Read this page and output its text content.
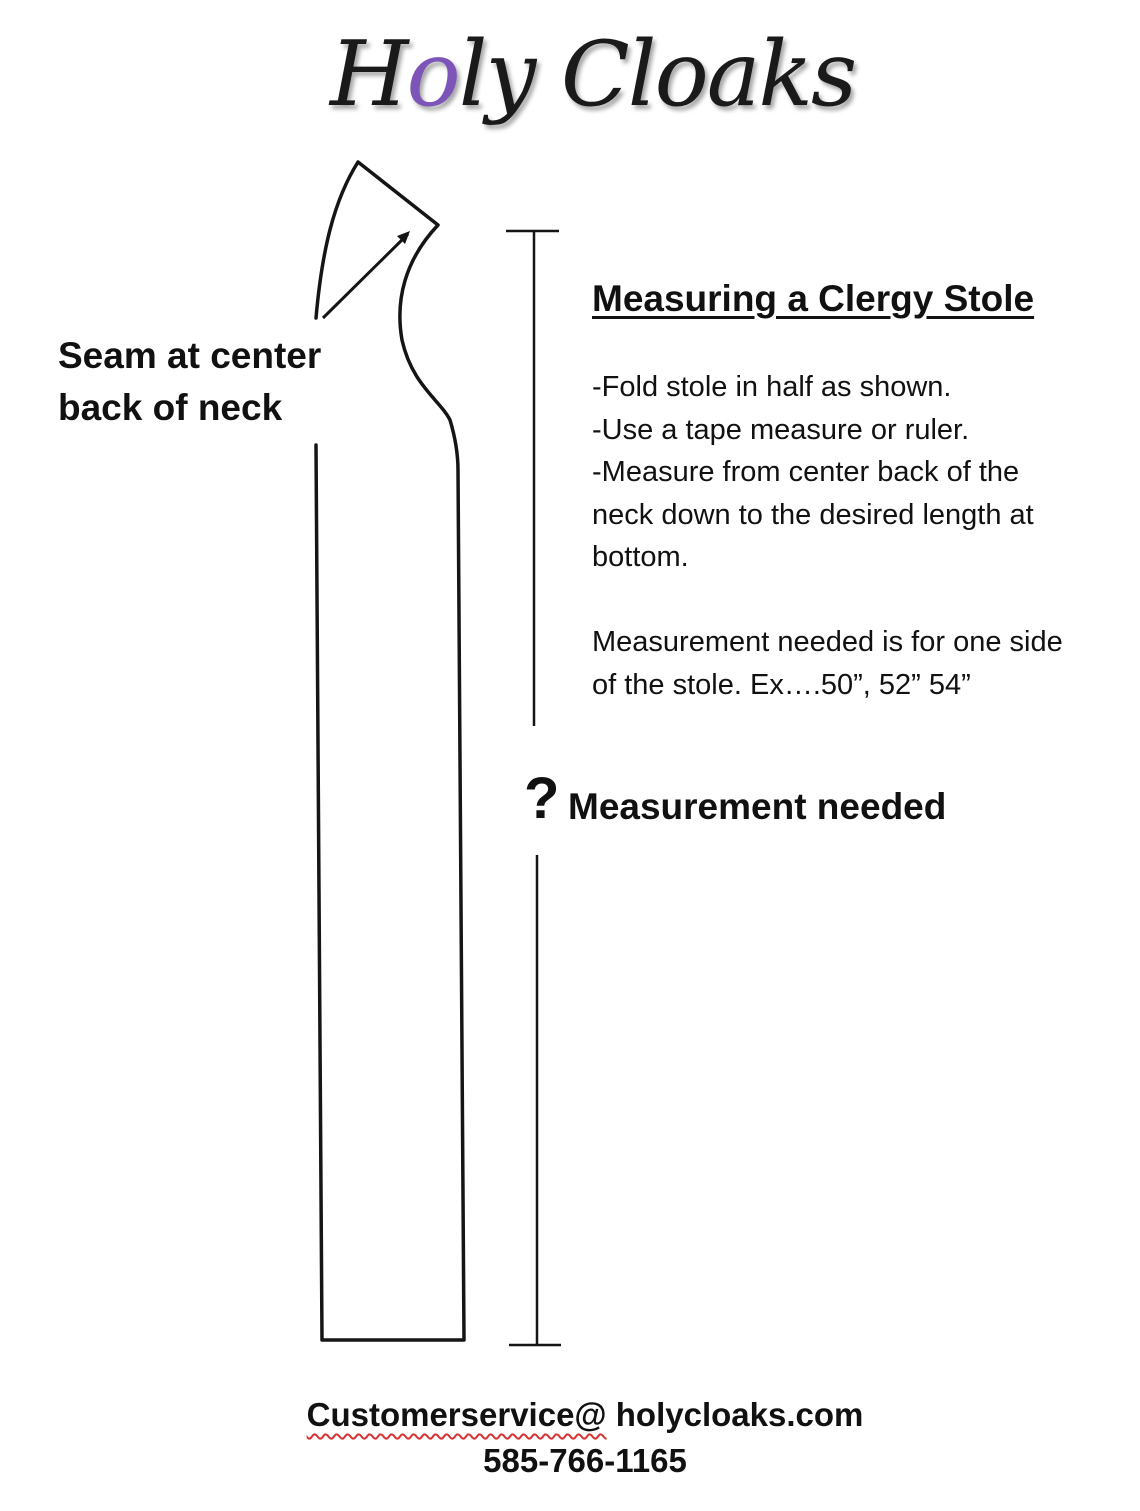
Holy Cloaks
Seam at center
back of neck
Measuring a Clergy Stole
-Fold stole in half as shown.
-Use a tape measure or ruler.
-Measure from center back of the
neck down to the desired length at
bottom.
Measurement needed is for one side
of the stole. Ex….50”, 52” 54”
? Measurement needed
Customerservice@ holycloaks.com
585-766-1165
